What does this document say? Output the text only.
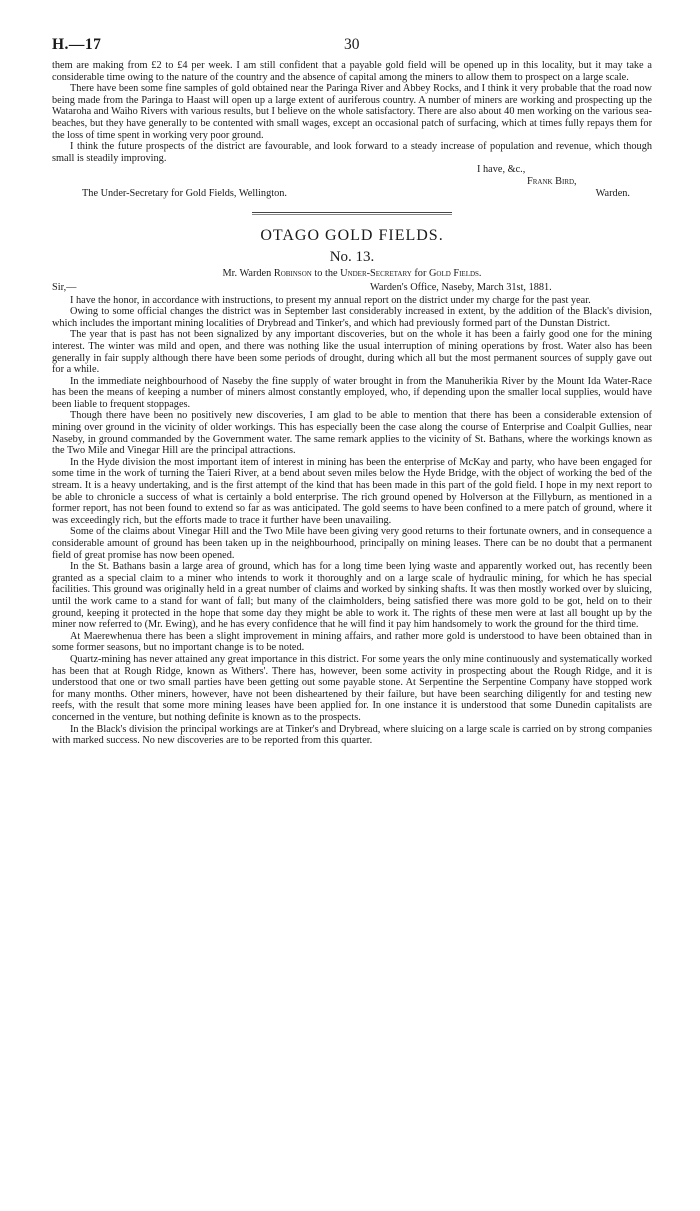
H.—17	30

them are making from £2 to £4 per week. I am still confident that a payable gold field will be opened up in this locality, but it may take a considerable time owing to the nature of the country and the absence of capital among the miners to allow them to prospect on a large scale.

There have been some fine samples of gold obtained near the Paringa River and Abbey Rocks, and I think it very probable that the road now being made from the Paringa to Haast will open up a large extent of auriferous country. A number of miners are working and prospecting up the Wataroha and Waiho Rivers with various results, but I believe on the whole satisfactory. There are also about 40 men working on the various sea-beaches, but they have generally to be contented with small wages, except an occasional patch of surfacing, which at times fully repays them for the loss of time spent in working very poor ground.

I think the future prospects of the district are favourable, and look forward to a steady increase of population and revenue, which though small is steadily improving.

I have, &c.,
Frank Bird,
The Under-Secretary for Gold Fields, Wellington.	Warden.
OTAGO GOLD FIELDS.
No. 13.
Mr. Warden Robinson to the Under-Secretary for Gold Fields.
Sir,—	Warden's Office, Naseby, March 31st, 1881.

I have the honor, in accordance with instructions, to present my annual report on the district under my charge for the past year.

Owing to some official changes the district was in September last considerably increased in extent, by the addition of the Black's division, which includes the important mining localities of Drybread and Tinker's, and which had previously formed part of the Dunstan District.

The year that is past has not been signalized by any important discoveries, but on the whole it has been a fairly good one for the mining interest. The winter was mild and open, and there was nothing like the usual interruption of mining operations by frost. Water also has been generally in fair supply although there have been some periods of drought, during which all but the most permanent sources of supply gave out for a while.

In the immediate neighbourhood of Naseby the fine supply of water brought in from the Manuherikia River by the Mount Ida Water-Race has been the means of keeping a number of miners almost constantly employed, who, if depending upon the smaller local supplies, would have been liable to frequent stoppages.

Though there have been no positively new discoveries, I am glad to be able to mention that there has been a considerable extension of mining over ground in the vicinity of older workings. This has especially been the case along the course of Enterprise and Coalpit Gullies, near Naseby, in ground commanded by the Government water. The same remark applies to the vicinity of St. Bathans, where the workings known as the Two Mile and Vinegar Hill are the principal attractions.

In the Hyde division the most important item of interest in mining has been the enterprise of McKay and party, who have been engaged for some time in the work of turning the Taieri River, at a bend about seven miles below the Hyde Bridge, with the object of working the bed of the stream. It is a heavy undertaking, and is the first attempt of the kind that has been made in this part of the gold field. I hope in my next report to be able to chronicle a success of what is certainly a bold enterprise. The rich ground opened by Holverson at the Fillyburn, as mentioned in a former report, has not been found to extend so far as was anticipated. The gold seems to have been confined to a mere patch of ground, where it was exceedingly rich, but the efforts made to trace it further have been unavailing.

Some of the claims about Vinegar Hill and the Two Mile have been giving very good returns to their fortunate owners, and in consequence a considerable amount of ground has been taken up in the neighbourhood, principally on mining leases. There can be no doubt that a permanent field of great promise has now been opened.

In the St. Bathans basin a large area of ground, which has for a long time been lying waste and apparently worked out, has recently been granted as a special claim to a miner who intends to work it thoroughly and on a large scale of hydraulic mining, for which he has special facilities. This ground was originally held in a great number of claims and worked by sinking shafts. It was then mostly worked over by sluicing, until the work came to a stand for want of fall; but many of the claimholders, being satisfied there was more gold to be got, held on to their ground, keeping it protected in the hope that some day they might be able to work it. The rights of these men were at last all bought up by the miner now referred to (Mr. Ewing), and he has every confidence that he will find it pay him handsomely to work the ground for the third time.

At Maerewhenua there has been a slight improvement in mining affairs, and rather more gold is understood to have been obtained than in some former seasons, but no important change is to be noted.

Quartz-mining has never attained any great importance in this district. For some years the only mine continuously and systematically worked has been that at Rough Ridge, known as Withers'. There has, however, been some activity in prospecting about the Rough Ridge, and it is understood that one or two small parties have been getting out some payable stone. At Serpentine the Serpentine Company have stopped work for many months. Other miners, however, have not been disheartened by their failure, but have been searching diligently for and testing new reefs, with the result that some more mining leases have been applied for. In one instance it is understood that some Dunedin capitalists are concerned in the venture, but nothing definite is known as to the prospects.

In the Black's division the principal workings are at Tinker's and Drybread, where sluicing on a large scale is carried on by strong companies with marked success. No new discoveries are to be reported from this quarter.
